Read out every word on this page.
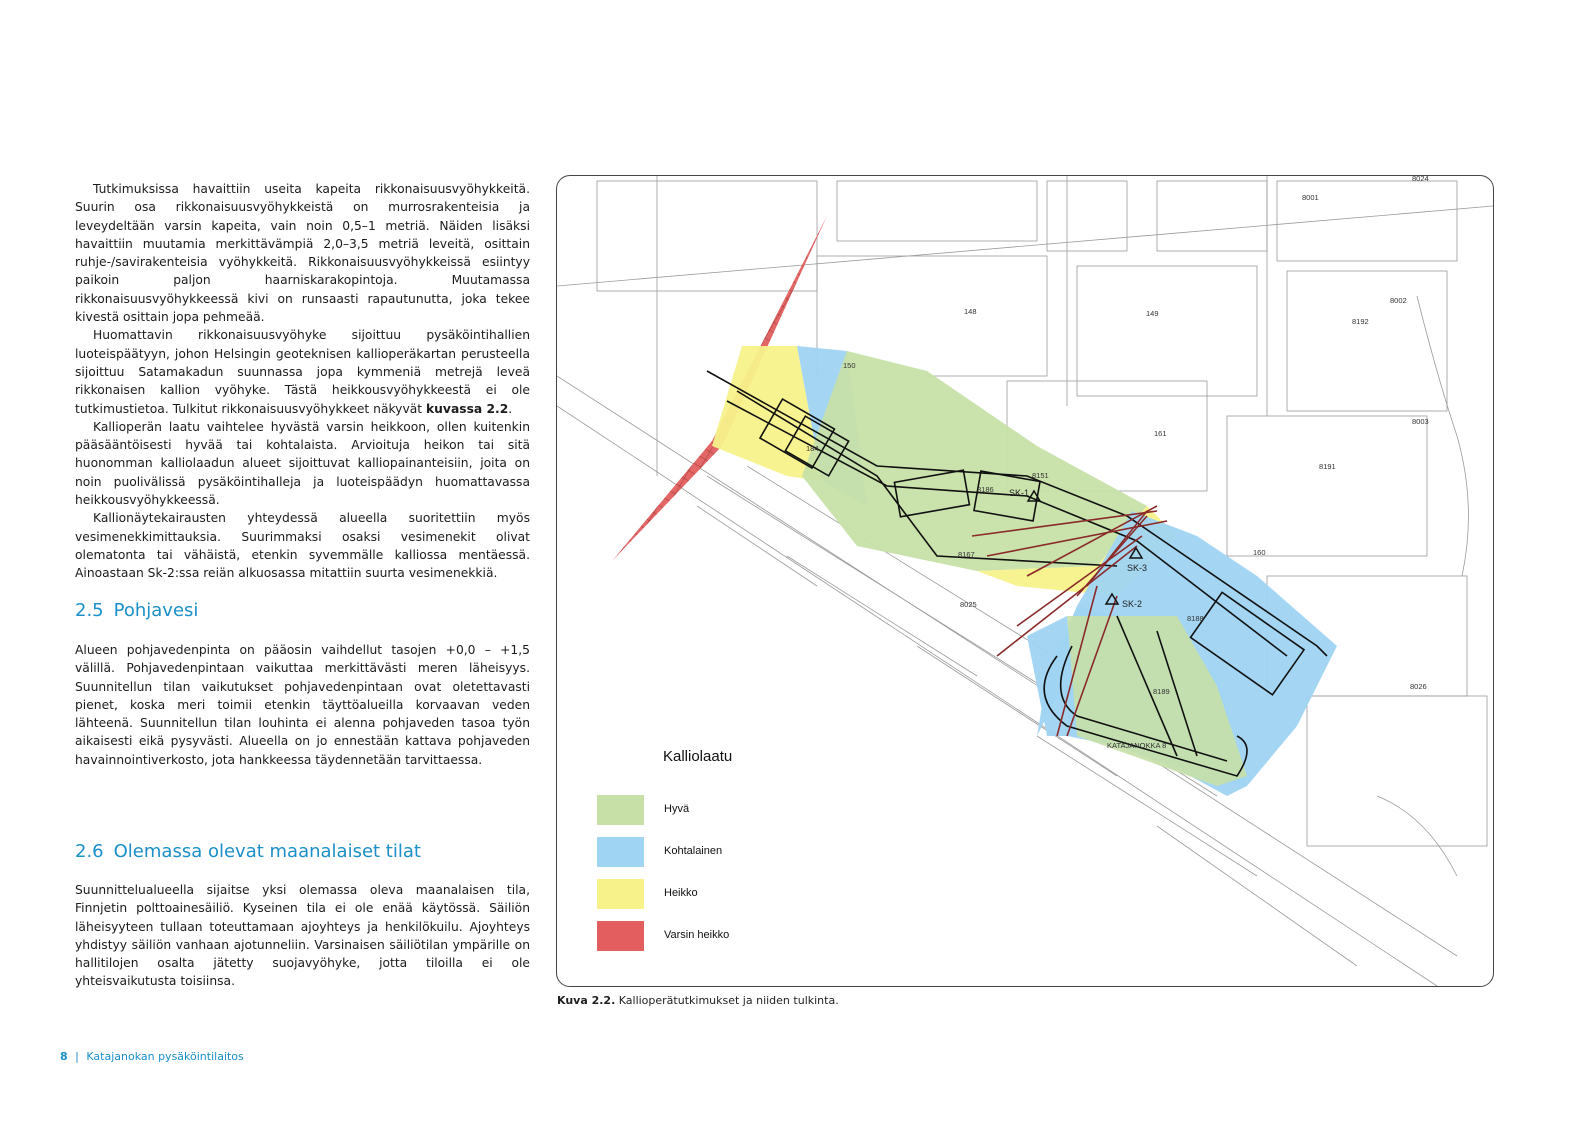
Tutkimuksissa havaittiin useita kapeita rikkonaisuusvyöhykkeitä. Suurin osa rikkonaisuusvyöhykkeistä on murrosrakenteisia ja leveydeltään varsin kapeita, vain noin 0,5–1 metriä. Näiden lisäksi havaittiin muutamia merkittävämpiä 2,0–3,5 metriä leveitä, osittain ruhje-/savirakenteisia vyöhykkeitä. Rikkonaisuusvyöhykkeissä esiintyy paikoin paljon haarniskarakopintoja. Muutamassa rikkonaisuusvyöhykkeessä kivi on runsaasti rapautunutta, joka tekee kivestä osittain jopa pehmeää.

Huomattavin rikkonaisuusvyöhyke sijoittuu pysäköintihallien luoteispäätyyn, johon Helsingin geoteknisen kallioperäkartan perusteella sijoittuu Satamakadun suunnassa jopa kymmeniä metrejä leveä rikkonaisen kallion vyöhyke. Tästä heikkousvyöhykkeestä ei ole tutkimustietoa. Tulkitut rikkonaisuusvyöhykkeet näkyvät kuvassa 2.2.

Kallioperän laatu vaihtelee hyvästä varsin heikkoon, ollen kuitenkin pääsääntöisesti hyvää tai kohtalaista. Arvioituja heikon tai sitä huonomman kalliolaadun alueet sijoittuvat kalliopainanteisiin, joita on noin puolivälissä pysäköintihalleja ja luoteispäädyn huomattavassa heikkousvyöhykkeessä.

Kallionäytekairausten yhteydessä alueella suoritettiin myös vesimenekkimittauksia. Suurimmaksi osaksi vesimenekit olivat olematonta tai vähäistä, etenkin syvemmälle kalliossa mentäessä. Ainoastaan Sk-2:ssa reiän alkuosassa mitattiin suurta vesimenekkiä.

2.5 Pohjavesi

Alueen pohjavedenpinta on pääosin vaihdellut tasojen +0,0 – +1,5 välillä. Pohjavedenpintaan vaikuttaa merkittävästi meren läheisyys. Suunnitellun tilan vaikutukset pohjavedenpintaan ovat oletettavasti pienet, koska meri toimii etenkin täyttöalueilla korvaavan veden lähteenä. Suunnitellun tilan louhinta ei alenna pohjaveden tasoa työn aikaisesti eikä pysyvästi. Alueella on jo ennestään kattava pohjaveden havainnointiverkosto, jota hankkeessa täydennetään tarvittaessa.

2.6 Olemassa olevat maanalaiset tilat

Suunnittelualueella sijaitse yksi olemassa oleva maanalaisen tila, Finnjetin polttoainesäiliö. Kyseinen tila ei ole enää käytössä. Säiliön läheisyyteen tullaan toteuttamaan ajoyhteys ja henkilökuilu. Ajoyhteys yhdistyy säiliön vanhaan ajotunneliin. Varsinaisen säiliötilan ympärille on hallitilojen osalta jätetty suojavyöhyke, jotta tiloilla ei ole yhteisvaikutusta toisiinsa.

SK-1
SK-3
SK-2
8001
8024
8002
8003
8192
8191
8026
8025
8151
8186
8167
8188
8189
148	149
150
161
160
184
KATAJANOKKA 8
Kalliolaatu
Hyvä
Kohtalainen
Heikko
Varsin heikko
Kuva 2.2. Kallioperätutkimukset ja niiden tulkinta.
8 | Katajanokan pysäköintilaitos
